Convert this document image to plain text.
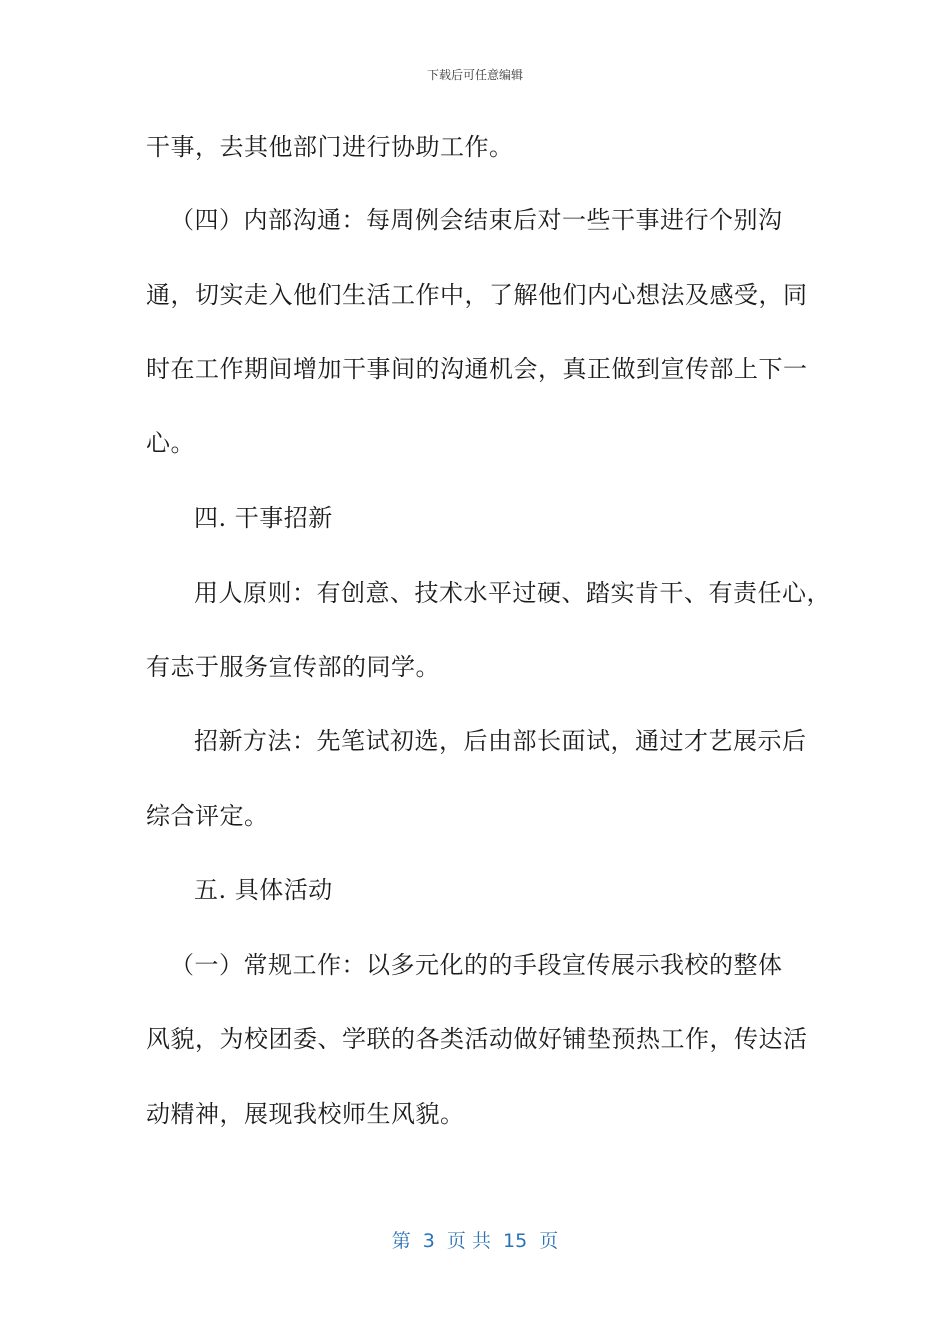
下载后可任意编辑
干事，去其他部门进行协助工作。
（四）内部沟通：每周例会结束后对一些干事进行个别沟
通，切实走入他们生活工作中，了解他们内心想法及感受，同
时在工作期间增加干事间的沟通机会，真正做到宣传部上下一
心。
四. 干事招新
用人原则：有创意、技术水平过硬、踏实肯干、有责任心，
有志于服务宣传部的同学。
招新方法：先笔试初选，后由部长面试，通过才艺展示后
综合评定。
五. 具体活动
（一）常规工作：以多元化的的手段宣传展示我校的整体
风貌，为校团委、学联的各类活动做好铺垫预热工作，传达活
动精神，展现我校师生风貌。
第  3  页 共  15  页
